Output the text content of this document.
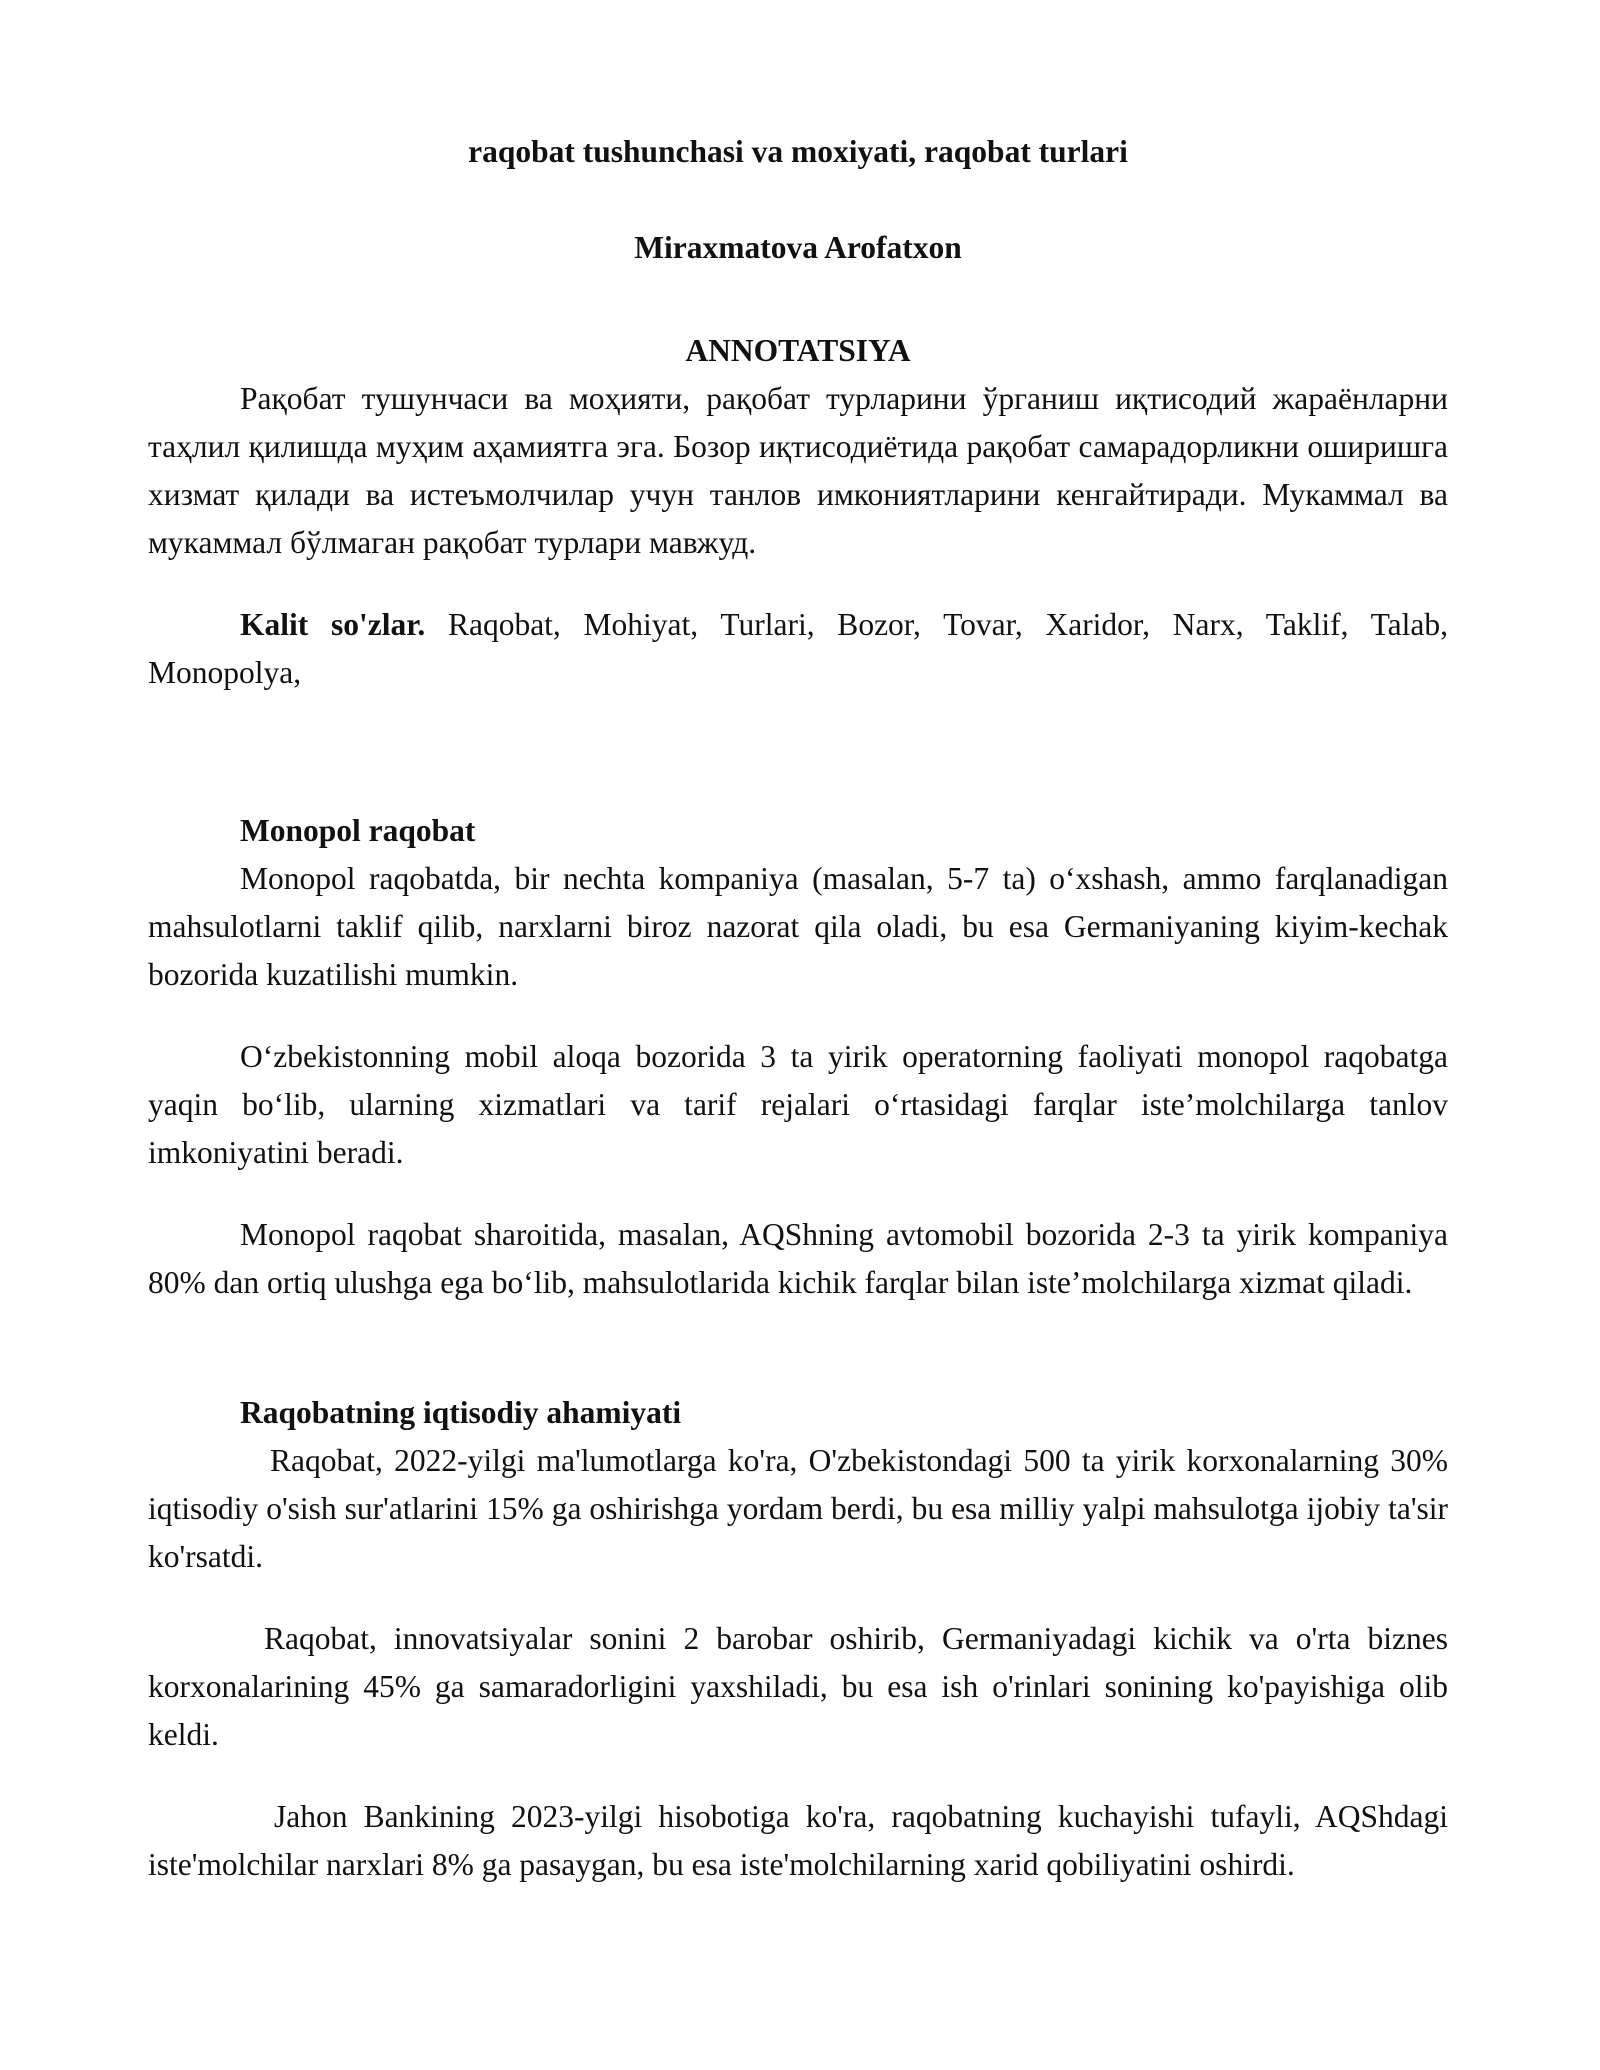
raqobat tushunchasi va moxiyati, raqobat turlari

Miraxmatova Arofatxon

ANNOTATSIYA

Рақобат тушунчаси ва моҳияти, рақобат турларини ўрганиш иқтисодий жараёнларни таҳлил қилишда муҳим аҳамиятга эга. Бозор иқтисодиётида рақобат самарадорликни оширишга хизмат қилади ва истеъмолчилар учун танлов имкониятларини кенгайтиради. Мукаммал ва мукаммал бўлмаган рақобат турлари мавжуд.

Kalit so'zlar. Raqobat, Mohiyat, Turlari, Bozor, Tovar, Xaridor, Narx, Taklif, Talab, Monopolya,

Monopol raqobat

Monopol raqobatda, bir nechta kompaniya (masalan, 5-7 ta) o‘xshash, ammo farqlanadigan mahsulotlarni taklif qilib, narxlarni biroz nazorat qila oladi, bu esa Germaniyaning kiyim-kechak bozorida kuzatilishi mumkin.

O‘zbekistonning mobil aloqa bozorida 3 ta yirik operatorning faoliyati monopol raqobatga yaqin bo‘lib, ularning xizmatlari va tarif rejalari o‘rtasidagi farqlar iste’molchilarga tanlov imkoniyatini beradi.

Monopol raqobat sharoitida, masalan, AQShning avtomobil bozorida 2-3 ta yirik kompaniya 80% dan ortiq ulushga ega bo‘lib, mahsulotlarida kichik farqlar bilan iste’molchilarga xizmat qiladi.

Raqobatning iqtisodiy ahamiyati

Raqobat, 2022-yilgi ma'lumotlarga ko'ra, O'zbekistondagi 500 ta yirik korxonalarning 30% iqtisodiy o'sish sur'atlarini 15% ga oshirishga yordam berdi, bu esa milliy yalpi mahsulotga ijobiy ta'sir ko'rsatdi.

Raqobat, innovatsiyalar sonini 2 barobar oshirib, Germaniyadagi kichik va o'rta biznes korxonalarining 45% ga samaradorligini yaxshiladi, bu esa ish o'rinlari sonining ko'payishiga olib keldi.

Jahon Bankining 2023-yilgi hisobotiga ko'ra, raqobatning kuchayishi tufayli, AQShdagi iste'molchilar narxlari 8% ga pasaygan, bu esa iste'molchilarning xarid qobiliyatini oshirdi.
